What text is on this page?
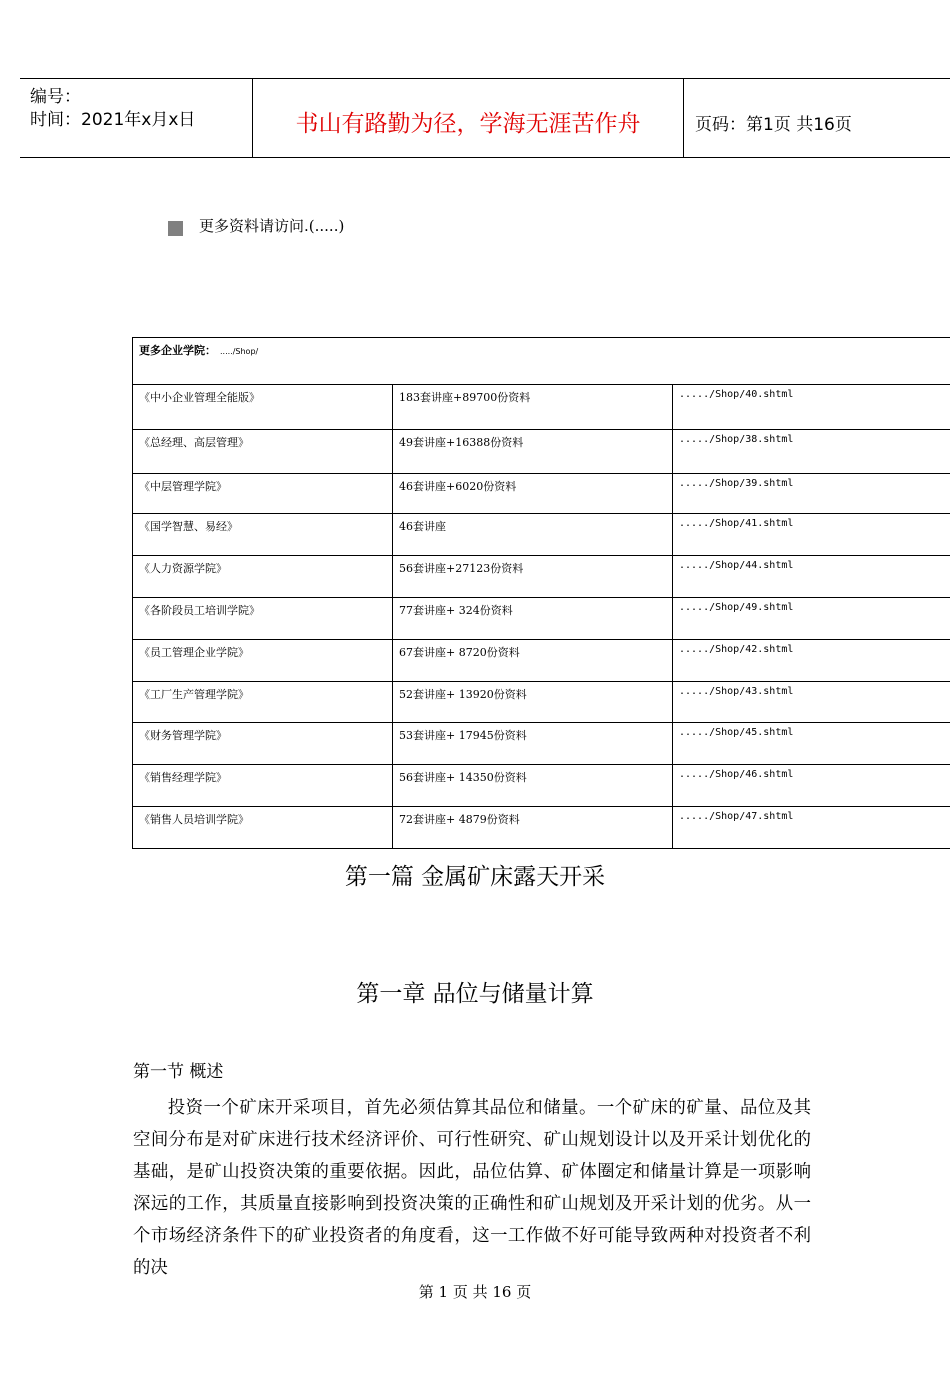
编号：
时间：2021年x月x日	书山有路勤为径，学海无涯苦作舟	页码：第1页 共16页
更多资料请访问.(.....)
更多企业学院： ...../Shop/		
《中小企业管理全能版》	183套讲座+89700份资料	...../Shop/40.shtml
《总经理、高层管理》	49套讲座+16388份资料	...../Shop/38.shtml
《中层管理学院》	46套讲座+6020份资料	...../Shop/39.shtml
《国学智慧、易经》	46套讲座	...../Shop/41.shtml
《人力资源学院》	56套讲座+27123份资料	...../Shop/44.shtml
《各阶段员工培训学院》	77套讲座+ 324份资料	...../Shop/49.shtml
《员工管理企业学院》	67套讲座+ 8720份资料	...../Shop/42.shtml
《工厂生产管理学院》	52套讲座+ 13920份资料	...../Shop/43.shtml
《财务管理学院》	53套讲座+ 17945份资料	...../Shop/45.shtml
《销售经理学院》	56套讲座+ 14350份资料	...../Shop/46.shtml
《销售人员培训学院》	72套讲座+ 4879份资料	...../Shop/47.shtml
第一篇 金属矿床露天开采
第一章 品位与储量计算
第一节 概述

投资一个矿床开采项目，首先必须估算其品位和储量。一个矿床的矿量、品位及其空间分布是对矿床进行技术经济评价、可行性研究、矿山规划设计以及开采计划优化的基础，是矿山投资决策的重要依据。因此，品位估算、矿体圈定和储量计算是一项影响深远的工作，其质量直接影响到投资决策的正确性和矿山规划及开采计划的优劣。从一个市场经济条件下的矿业投资者的角度看，这一工作做不好可能导致两种对投资者不利的决

第 1 页 共 16 页
